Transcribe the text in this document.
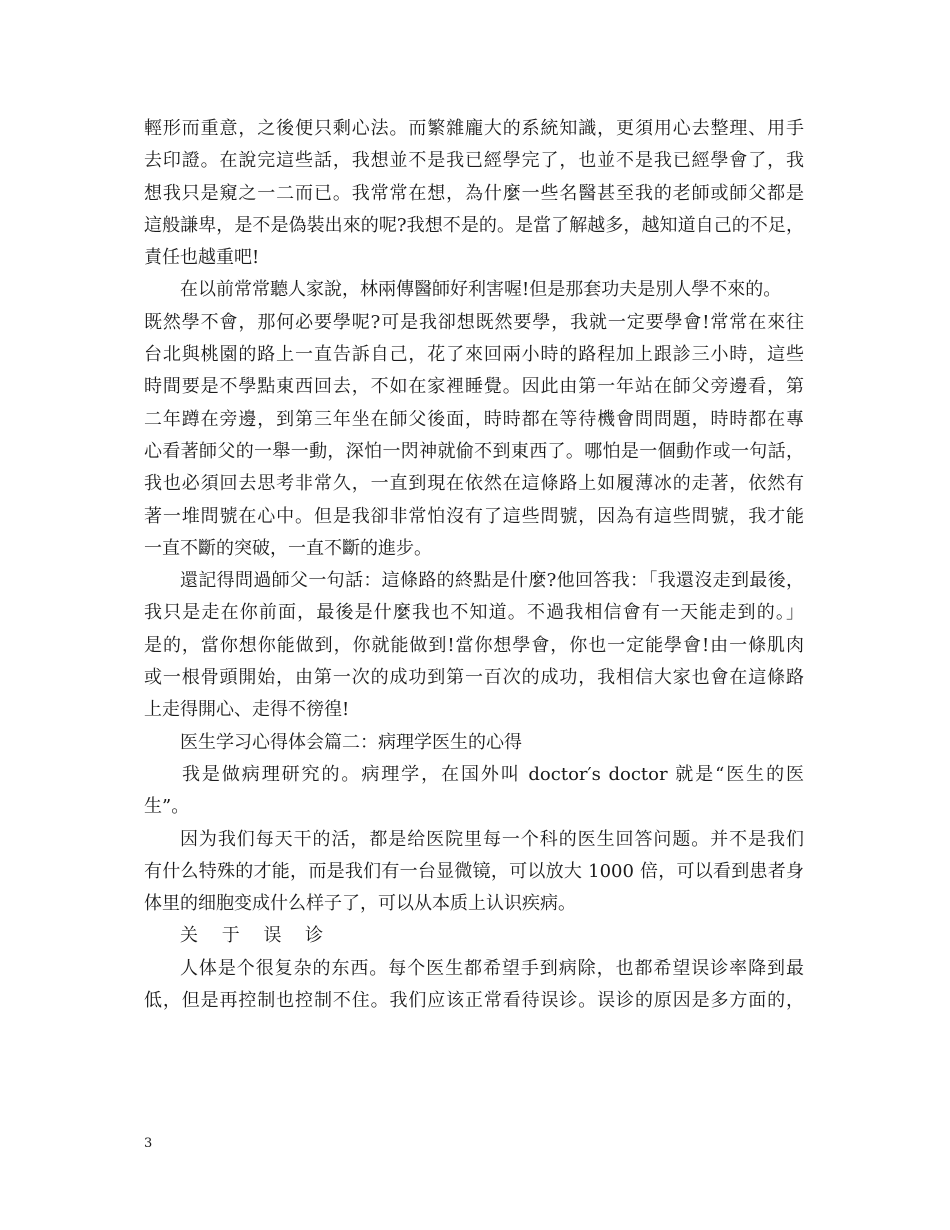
輕形而重意，之後便只剩心法。而繁雜龐大的系統知識，更須用心去整理、用手
去印證。在說完這些話，我想並不是我已經學完了，也並不是我已經學會了，我
想我只是窺之一二而已。我常常在想，為什麼一些名醫甚至我的老師或師父都是
這般謙卑，是不是偽裝出來的呢?我想不是的。是當了解越多，越知道自己的不足，
責任也越重吧!
在以前常常聽人家說，林兩傳醫師好利害喔!但是那套功夫是別人學不來的。
既然學不會，那何必要學呢?可是我卻想既然要學，我就一定要學會!常常在來往
台北與桃園的路上一直告訴自己，花了來回兩小時的路程加上跟診三小時，這些
時間要是不學點東西回去，不如在家裡睡覺。因此由第一年站在師父旁邊看，第
二年蹲在旁邊，到第三年坐在師父後面，時時都在等待機會問問題，時時都在專
心看著師父的一舉一動，深怕一閃神就偷不到東西了。哪怕是一個動作或一句話，
我也必須回去思考非常久，一直到現在依然在這條路上如履薄冰的走著，依然有
著一堆問號在心中。但是我卻非常怕沒有了這些問號，因為有這些問號，我才能
一直不斷的突破，一直不斷的進步。
還記得問過師父一句話：這條路的終點是什麼?他回答我：「我還沒走到最後，
我只是走在你前面，最後是什麼我也不知道。不過我相信會有一天能走到的。」
是的，當你想你能做到，你就能做到!當你想學會，你也一定能學會!由一條肌肉
或一根骨頭開始，由第一次的成功到第一百次的成功，我相信大家也會在這條路
上走得開心、走得不徬徨!
医生学习心得体会篇二：病理学医生的心得
我是做病理研究的。病理学，在国外叫 doctor′s doctor 就是“医生的医
生”。
因为我们每天干的活，都是给医院里每一个科的医生回答问题。并不是我们
有什么特殊的才能，而是我们有一台显微镜，可以放大 1000 倍，可以看到患者身
体里的细胞变成什么样子了，可以从本质上认识疾病。
关 于 误 诊
人体是个很复杂的东西。每个医生都希望手到病除，也都希望误诊率降到最
低，但是再控制也控制不住。我们应该正常看待误诊。误诊的原因是多方面的，
3
